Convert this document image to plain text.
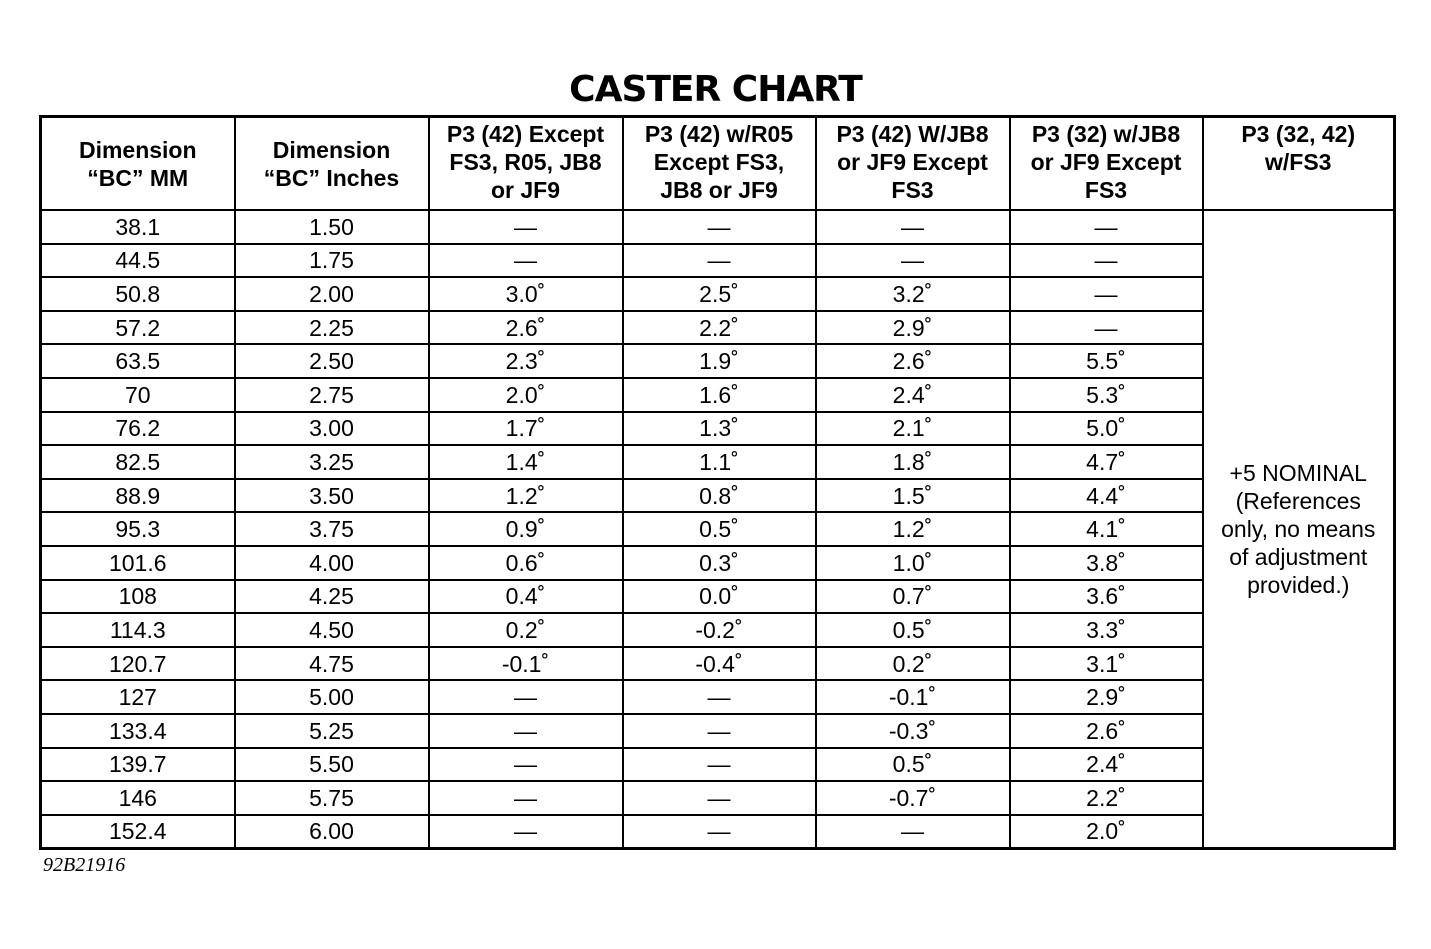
CASTER CHART
Dimension
“BC” MM	Dimension
“BC” Inches	P3 (42) Except
FS3, R05, JB8
or JF9	P3 (42) w/R05
Except FS3,
JB8 or JF9	P3 (42) W/JB8
or JF9 Except
FS3	P3 (32) w/JB8
or JF9 Except
FS3	P3 (32, 42)
w/FS3

38.1	1.50	—	—	—	—	+5 NOMINAL
(References
only, no means
of adjustment
provided.)

44.5	1.75	—	—	—	—	
50.8	2.00	3.0˚	2.5˚	3.2˚	—	
57.2	2.25	2.6˚	2.2˚	2.9˚	—	
63.5	2.50	2.3˚	1.9˚	2.6˚	5.5˚	
70	2.75	2.0˚	1.6˚	2.4˚	5.3˚	
76.2	3.00	1.7˚	1.3˚	2.1˚	5.0˚	
82.5	3.25	1.4˚	1.1˚	1.8˚	4.7˚	
88.9	3.50	1.2˚	0.8˚	1.5˚	4.4˚	
95.3	3.75	0.9˚	0.5˚	1.2˚	4.1˚	
101.6	4.00	0.6˚	0.3˚	1.0˚	3.8˚	
108	4.25	0.4˚	0.0˚	0.7˚	3.6˚	
114.3	4.50	0.2˚	-0.2˚	0.5˚	3.3˚	
120.7	4.75	-0.1˚	-0.4˚	0.2˚	3.1˚	
127	5.00	—	—	-0.1˚	2.9˚	
133.4	5.25	—	—	-0.3˚	2.6˚	
139.7	5.50	—	—	0.5˚	2.4˚	
146	5.75	—	—	-0.7˚	2.2˚	
152.4	6.00	—	—	—	2.0˚	
92B21916
